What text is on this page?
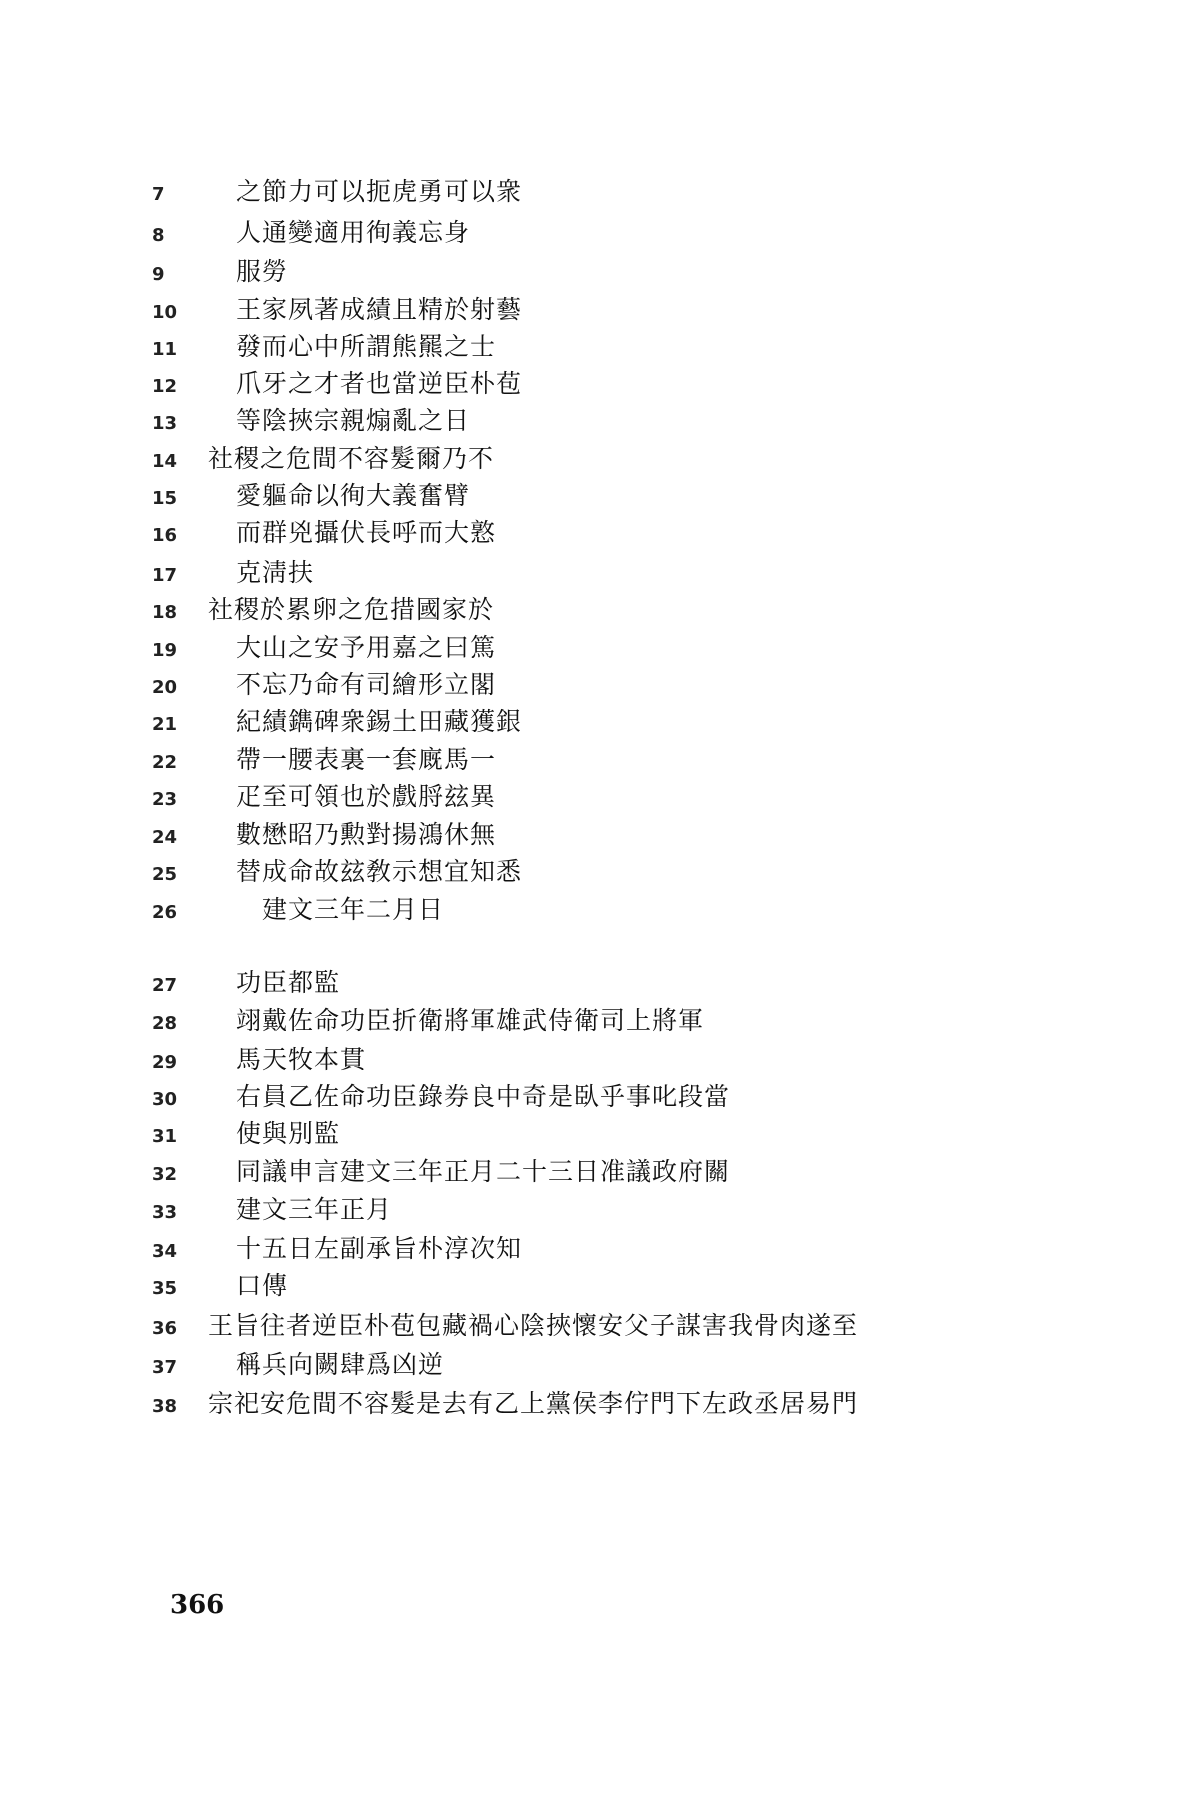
7	之節力可以扼虎勇可以衆
8	人通變適用徇義忘身
9	服勞
10 王家夙著成績且精於射藝
11 發而心中所謂熊羆之士
12 爪牙之才者也當逆臣朴苞
13 等陰挾宗親煽亂之日
14 社稷之危間不容髮爾乃不
15 愛軀命以徇大義奮臂
16 而群兇攝伏長呼而大憝
17 克淸扶
18 社稷於累卵之危措國家於
19 大山之安予用嘉之曰篤
20 不忘乃命有司繪形立閣
21 紀績鐫碑衆錫土田藏獲銀
22 帶一腰表裏一套廐馬一
23 疋至可領也於戲脟玆異
24 數懋昭乃勲對揚鴻休無
25 替成命故玆敎示想宜知悉
26	建文三年二月日
27 功臣都監
28 翊戴佐命功臣折衛將軍雄武侍衛司上將軍
29 馬天牧本貫
30 右員乙佐命功臣錄券良中奇是臥乎事叱段當
31 使與別監
32 同議申言建文三年正月二十三日准議政府關
33 建文三年正月
34 十五日左副承旨朴淳次知
35 口傳
36 王旨往者逆臣朴苞包藏禍心陰挾懷安父子謀害我骨肉遂至
37 稱兵向闕肆爲凶逆
38 宗祀安危間不容髮是去有乙上黨侯李佇門下左政丞居易門
366
